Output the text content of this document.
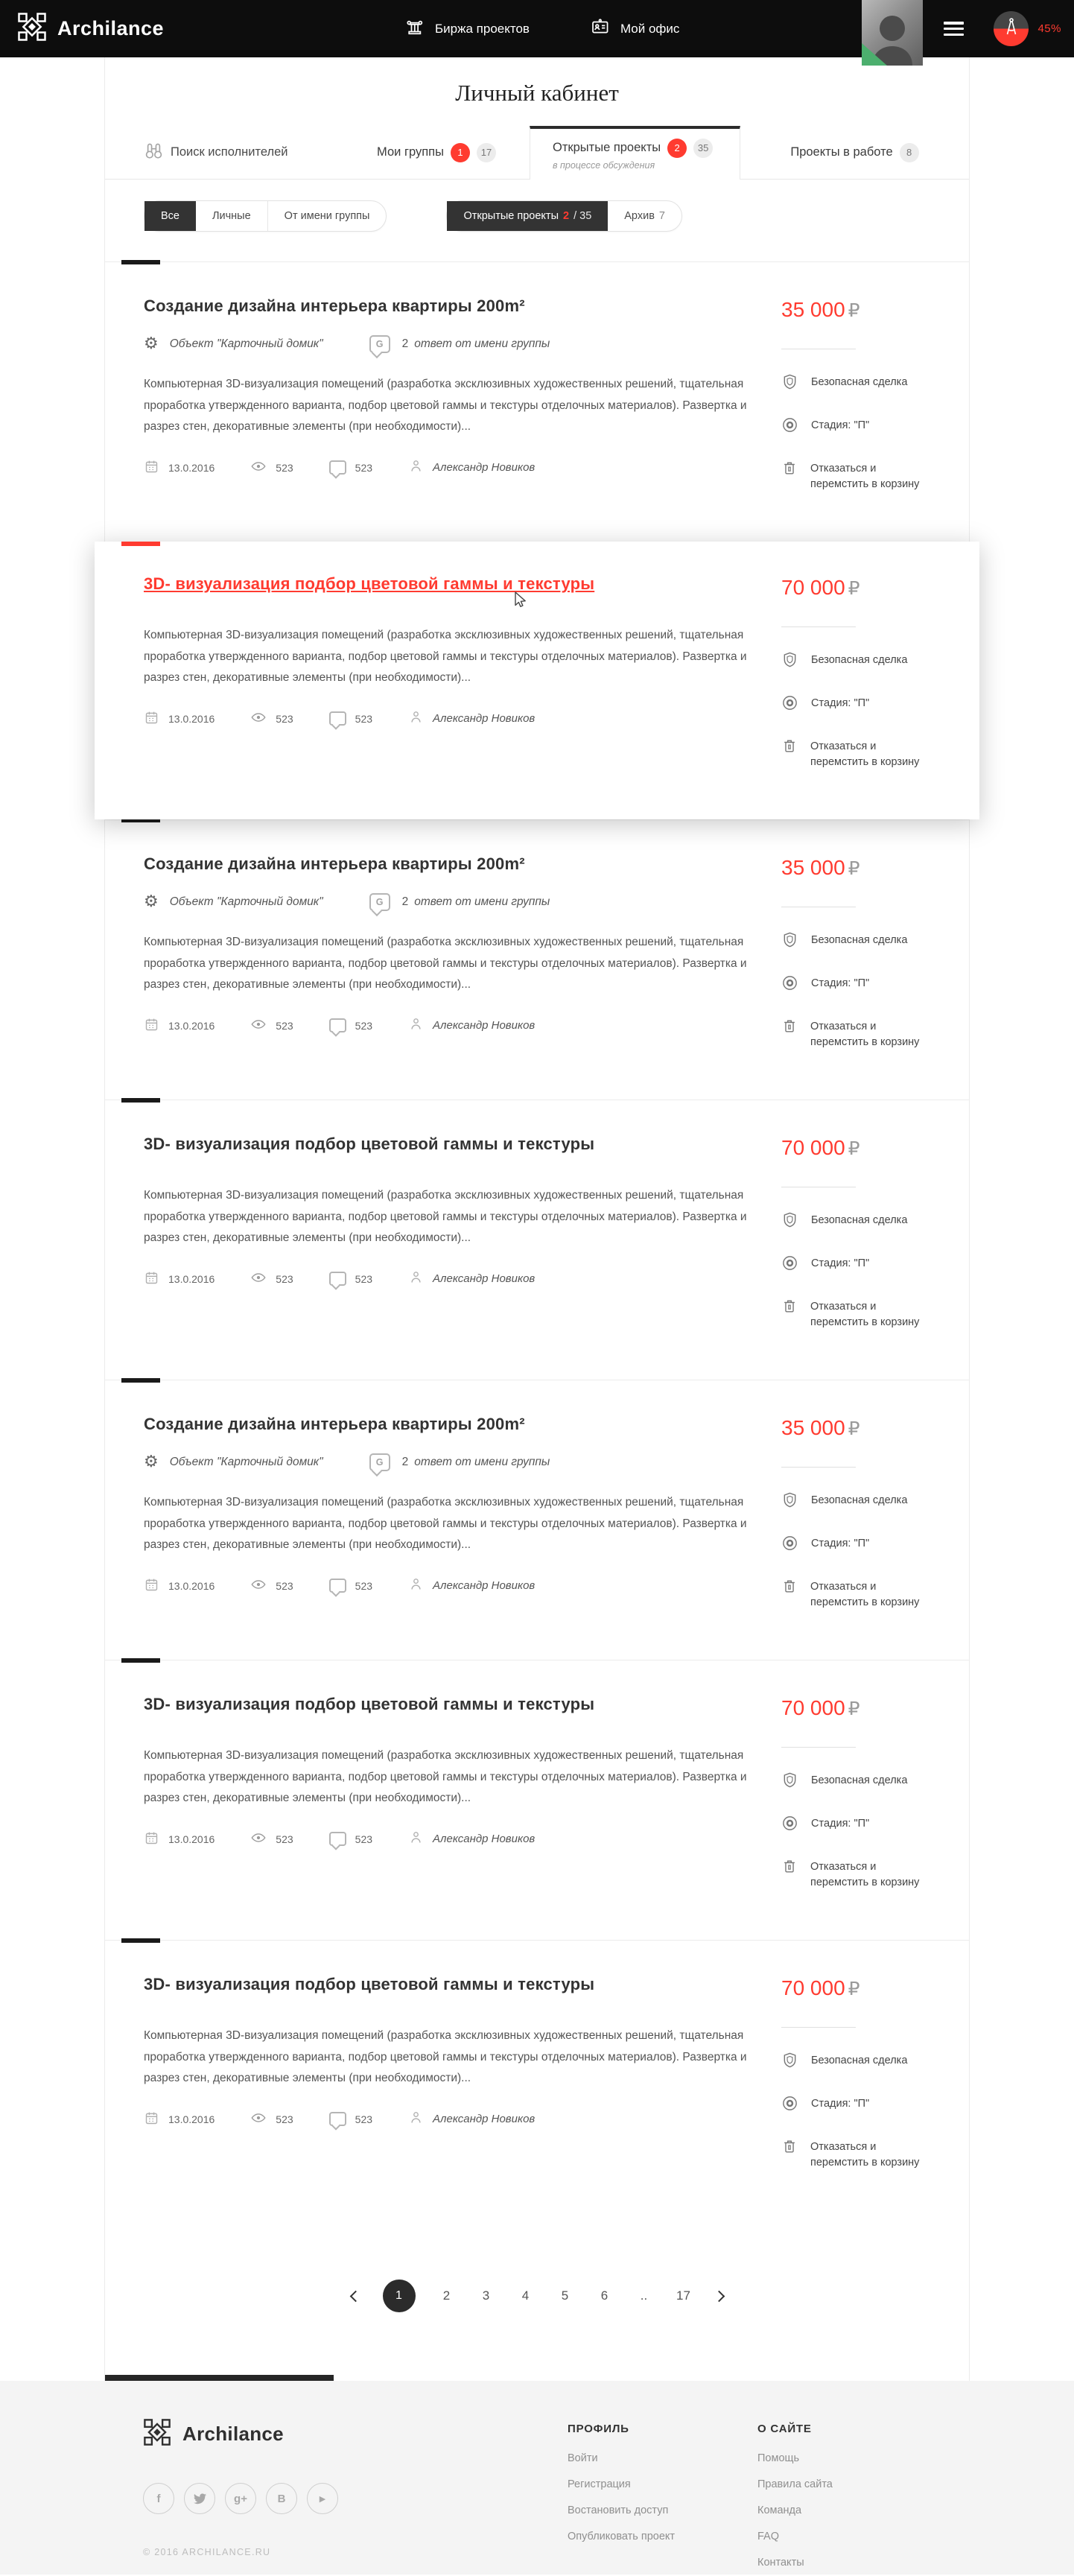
Archilance	Биржа проектов	Мой офис	45%
Личный кабинет
Поиск исполнителей	Мои группы	1	17	Открытые проекты	2	35
в процессе обсуждения
Проекты в работе	8
Все	Личные	От имени группы	Открытые проекты 2 / 35	Архив 7
Создание дизайна интерьера квартиры 200m²
⚙ Объект "Карточный домик"	G 2 ответ от имени группы

Компьютерная 3D-визуализация помещений (разработка эксклюзивных художественных решений, тщательная проработка утвержденного варианта, подбор цветовой гаммы и текстуры отделочных материалов). Развертка и разрез стен, декоративные элементы (при необходимости)...

13.0.2016	523	523	Александр Новиков
35 000 ₽
Безопасная сделка
Стадия: "П"
Отказаться и перемстить в корзину
3D- визуализация подбор цветовой гаммы и текстуры

Компьютерная 3D-визуализация помещений (разработка эксклюзивных художественных решений, тщательная проработка утвержденного варианта, подбор цветовой гаммы и текстуры отделочных материалов). Развертка и разрез стен, декоративные элементы (при необходимости)...

13.0.2016	523	523	Александр Новиков
70 000 ₽
Безопасная сделка
Стадия: "П"
Отказаться и перемстить в корзину
Создание дизайна интерьера квартиры 200m²
⚙ Объект "Карточный домик"	G 2 ответ от имени группы

Компьютерная 3D-визуализация помещений (разработка эксклюзивных художественных решений, тщательная проработка утвержденного варианта, подбор цветовой гаммы и текстуры отделочных материалов). Развертка и разрез стен, декоративные элементы (при необходимости)...

13.0.2016	523	523	Александр Новиков
35 000 ₽
Безопасная сделка
Стадия: "П"
Отказаться и перемстить в корзину
3D- визуализация подбор цветовой гаммы и текстуры

Компьютерная 3D-визуализация помещений (разработка эксклюзивных художественных решений, тщательная проработка утвержденного варианта, подбор цветовой гаммы и текстуры отделочных материалов). Развертка и разрез стен, декоративные элементы (при необходимости)...

13.0.2016	523	523	Александр Новиков
70 000 ₽
Безопасная сделка
Стадия: "П"
Отказаться и перемстить в корзину
Создание дизайна интерьера квартиры 200m²
⚙ Объект "Карточный домик"	G 2 ответ от имени группы

Компьютерная 3D-визуализация помещений (разработка эксклюзивных художественных решений, тщательная проработка утвержденного варианта, подбор цветовой гаммы и текстуры отделочных материалов). Развертка и разрез стен, декоративные элементы (при необходимости)...

13.0.2016	523	523	Александр Новиков
35 000 ₽
Безопасная сделка
Стадия: "П"
Отказаться и перемстить в корзину
3D- визуализация подбор цветовой гаммы и текстуры

Компьютерная 3D-визуализация помещений (разработка эксклюзивных художественных решений, тщательная проработка утвержденного варианта, подбор цветовой гаммы и текстуры отделочных материалов). Развертка и разрез стен, декоративные элементы (при необходимости)...

13.0.2016	523	523	Александр Новиков
70 000 ₽
Безопасная сделка
Стадия: "П"
Отказаться и перемстить в корзину
3D- визуализация подбор цветовой гаммы и текстуры

Компьютерная 3D-визуализация помещений (разработка эксклюзивных художественных решений, тщательная проработка утвержденного варианта, подбор цветовой гаммы и текстуры отделочных материалов). Развертка и разрез стен, декоративные элементы (при необходимости)...

13.0.2016	523	523	Александр Новиков
70 000 ₽
Безопасная сделка
Стадия: "П"
Отказаться и перемстить в корзину
1	2	3	4	5	6	..	17
Archilance
f	g+	B	▶
© 2016 ARCHILANCE.RU
ПРОФИЛЬ
Войти
Регистрация
Востановить доступ
Опубликовать проект
О САЙТЕ
Помощь
Правила сайта
Команда
FAQ
Контакты
